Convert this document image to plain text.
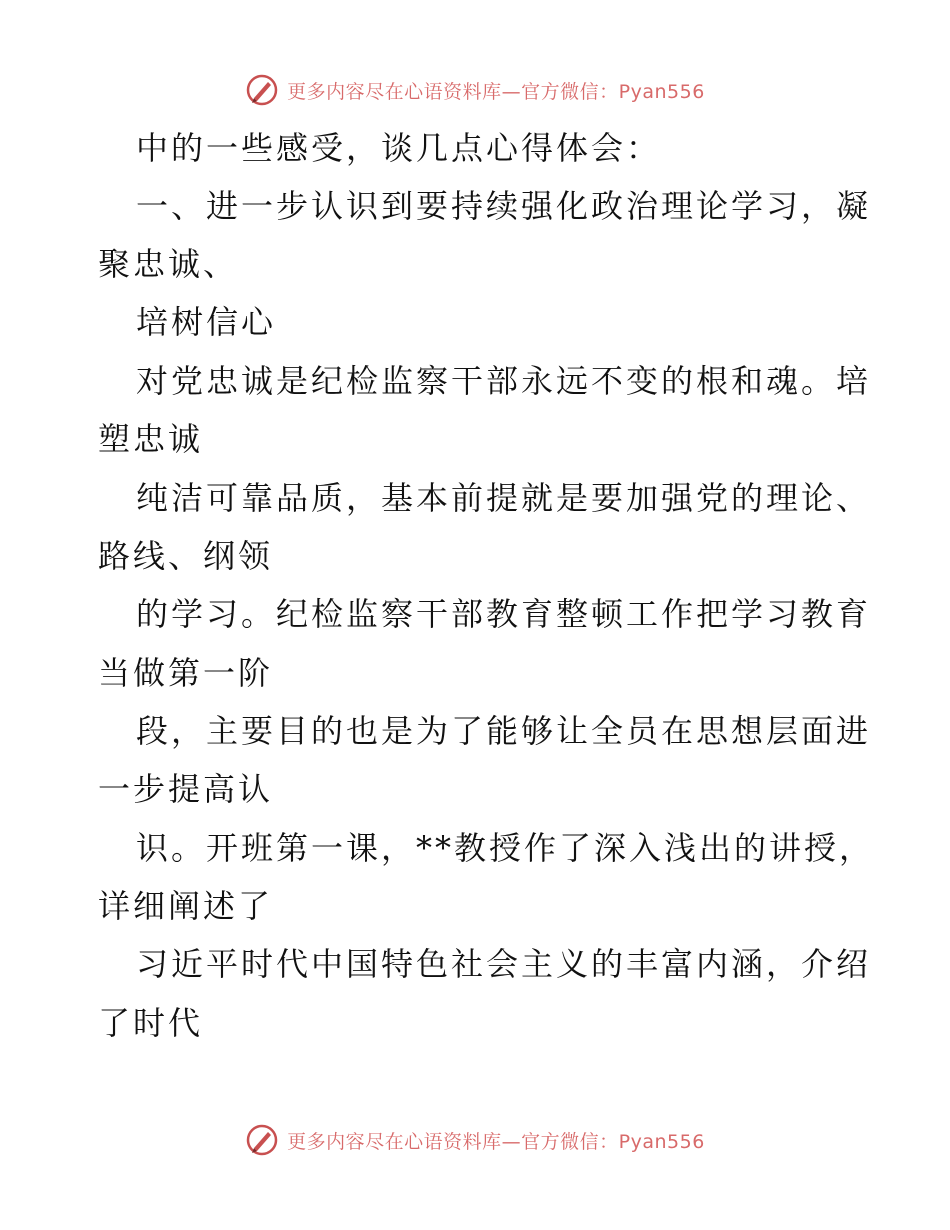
更多内容尽在心语资料库—官方微信：Pyan556
中的一些感受，谈几点心得体会：
一、进一步认识到要持续强化政治理论学习，凝
聚忠诚、
培树信心
对党忠诚是纪检监察干部永远不变的根和魂。培
塑忠诚
纯洁可靠品质，基本前提就是要加强党的理论、
路线、纲领
的学习。纪检监察干部教育整顿工作把学习教育
当做第一阶
段，主要目的也是为了能够让全员在思想层面进
一步提高认
识。开班第一课，**教授作了深入浅出的讲授，
详细阐述了
习近平时代中国特色社会主义的丰富内涵，介绍
了时代
更多内容尽在心语资料库—官方微信：Pyan556
